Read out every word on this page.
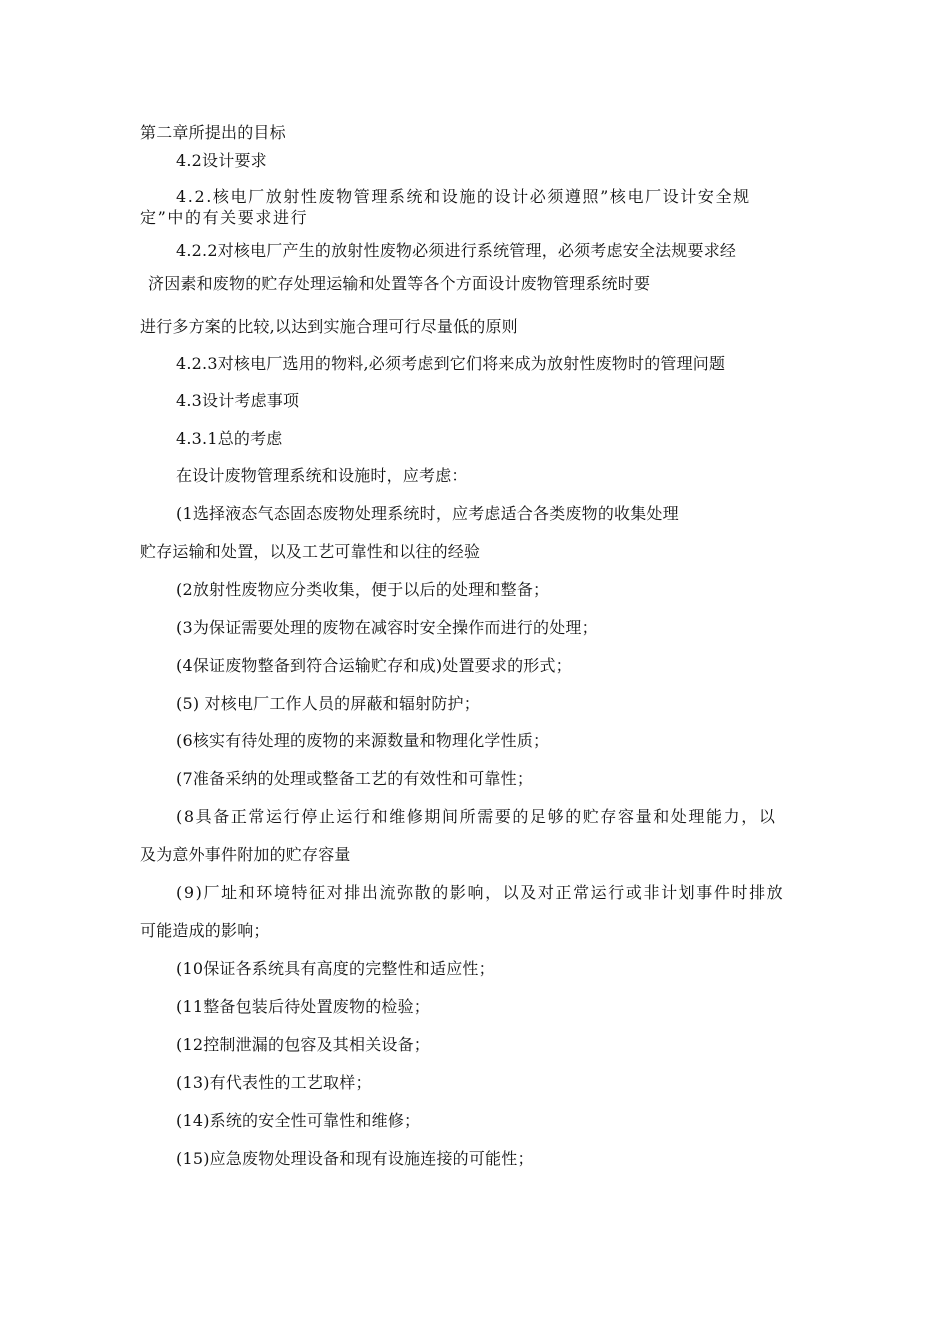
第二章所提出的目标
4.2设计要求
4.2.核电厂放射性废物管理系统和设施的设计必须遵照”核电厂设计安全规
定”中的有关要求进行
4.2.2对核电厂产生的放射性废物必须进行系统管理，必须考虑安全法规要求经
济因素和废物的贮存处理运输和处置等各个方面设计废物管理系统时要
进行多方案的比较,以达到实施合理可行尽量低的原则
4.2.3对核电厂选用的物料,必须考虑到它们将来成为放射性废物时的管理问题
4.3设计考虑事项
4.3.1总的考虑
在设计废物管理系统和设施时，应考虑：
(1选择液态气态固态废物处理系统时，应考虑适合各类废物的收集处理
贮存运输和处置，以及工艺可靠性和以往的经验
(2放射性废物应分类收集，便于以后的处理和整备；
(3为保证需要处理的废物在减容时安全操作而进行的处理；
(4保证废物整备到符合运输贮存和成)处置要求的形式；
(5) 对核电厂工作人员的屏蔽和辐射防护；
(6核实有待处理的废物的来源数量和物理化学性质；
(7准备采纳的处理或整备工艺的有效性和可靠性；
(8具备正常运行停止运行和维修期间所需要的足够的贮存容量和处理能力，以
及为意外事件附加的贮存容量
(9)厂址和环境特征对排出流弥散的影响，以及对正常运行或非计划事件时排放
可能造成的影响；
(10保证各系统具有高度的完整性和适应性；
(11整备包装后待处置废物的检验；
(12控制泄漏的包容及其相关设备；
(13)有代表性的工艺取样；
(14)系统的安全性可靠性和维修；
(15)应急废物处理设备和现有设施连接的可能性；
